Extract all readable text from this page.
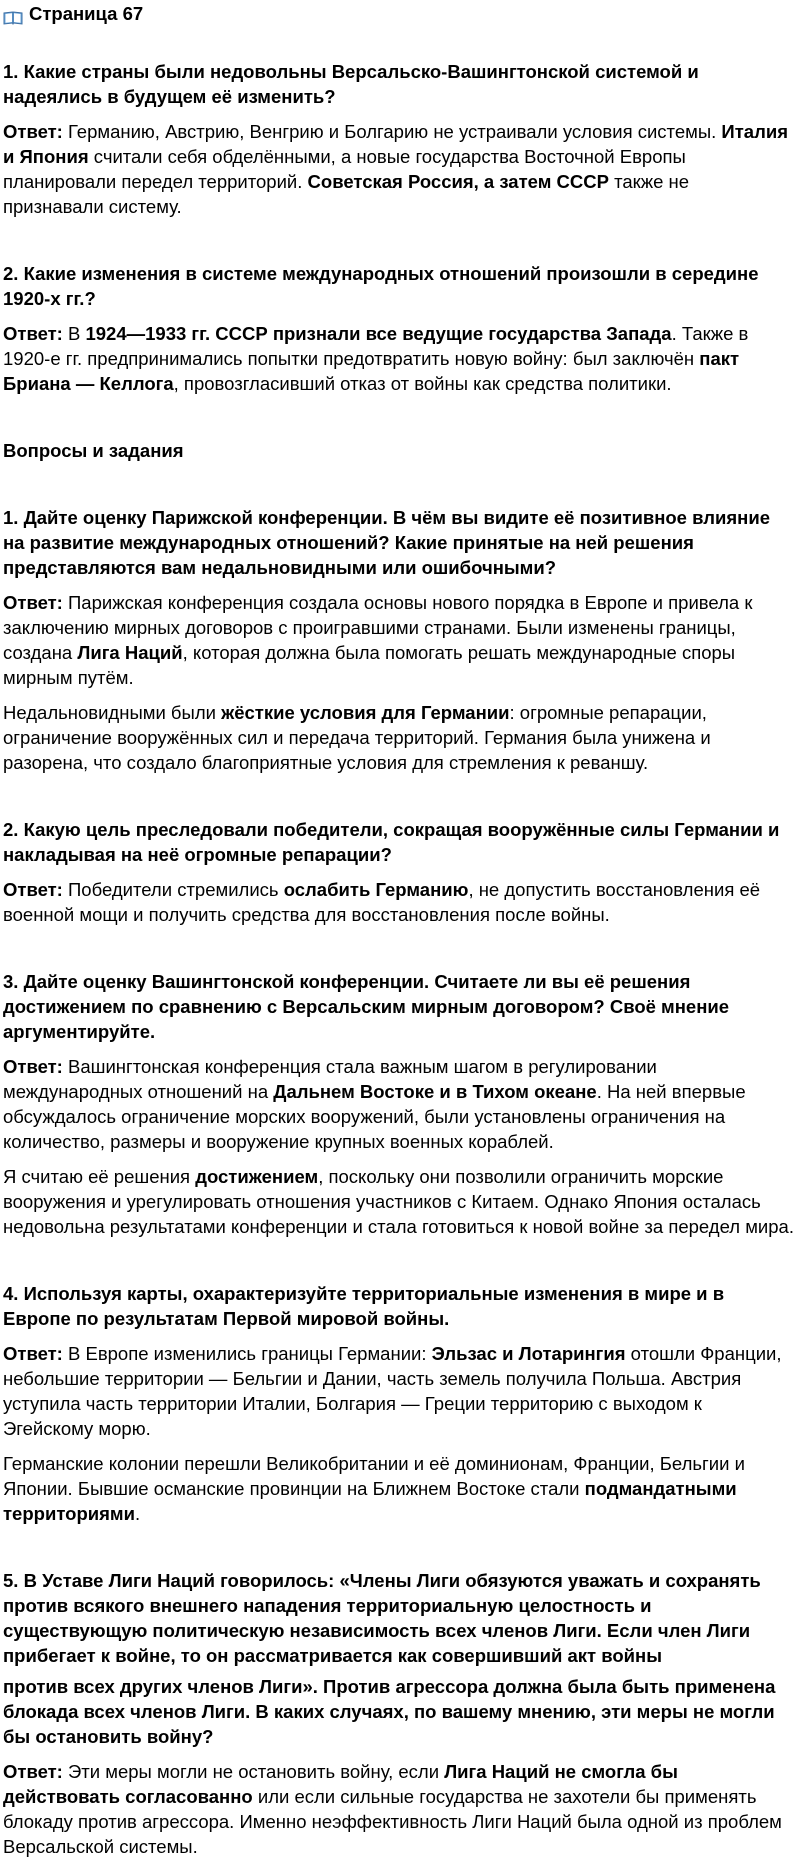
Страница 67
1. Какие страны были недовольны Версальско-Вашингтонской системой и надеялись в будущем её изменить?
Ответ: Германию, Австрию, Венгрию и Болгарию не устраивали условия системы. Италия и Япония считали себя обделёнными, а новые государства Восточной Европы планировали передел территорий. Советская Россия, а затем СССР также не признавали систему.
2. Какие изменения в системе международных отношений произошли в середине 1920-х гг.?
Ответ: В 1924—1933 гг. СССР признали все ведущие государства Запада. Также в 1920-е гг. предпринимались попытки предотвратить новую войну: был заключён пакт Бриана — Келлога, провозгласивший отказ от войны как средства политики.
Вопросы и задания
1. Дайте оценку Парижской конференции. В чём вы видите её позитивное влияние на развитие международных отношений? Какие принятые на ней решения представляются вам недальновидными или ошибочными?
Ответ: Парижская конференция создала основы нового порядка в Европе и привела к заключению мирных договоров с проигравшими странами. Были изменены границы, создана Лига Наций, которая должна была помогать решать международные споры мирным путём.
Недальновидными были жёсткие условия для Германии: огромные репарации, ограничение вооружённых сил и передача территорий. Германия была унижена и разорена, что создало благоприятные условия для стремления к реваншу.
2. Какую цель преследовали победители, сокращая вооружённые силы Германии и накладывая на неё огромные репарации?
Ответ: Победители стремились ослабить Германию, не допустить восстановления её военной мощи и получить средства для восстановления после войны.
3. Дайте оценку Вашингтонской конференции. Считаете ли вы её решения достижением по сравнению с Версальским мирным договором? Своё мнение аргументируйте.
Ответ: Вашингтонская конференция стала важным шагом в регулировании международных отношений на Дальнем Востоке и в Тихом океане. На ней впервые обсуждалось ограничение морских вооружений, были установлены ограничения на количество, размеры и вооружение крупных военных кораблей.
Я считаю её решения достижением, поскольку они позволили ограничить морские вооружения и урегулировать отношения участников с Китаем. Однако Япония осталась недовольна результатами конференции и стала готовиться к новой войне за передел мира.
4. Используя карты, охарактеризуйте территориальные изменения в мире и в Европе по результатам Первой мировой войны.
Ответ: В Европе изменились границы Германии: Эльзас и Лотарингия отошли Франции, небольшие территории — Бельгии и Дании, часть земель получила Польша. Австрия уступила часть территории Италии, Болгария — Греции территорию с выходом к Эгейскому морю.
Германские колонии перешли Великобритании и её доминионам, Франции, Бельгии и Японии. Бывшие османские провинции на Ближнем Востоке стали подмандатными территориями.
5. В Уставе Лиги Наций говорилось: «Члены Лиги обязуются уважать и сохранять против всякого внешнего нападения территориальную целостность и существующую политическую независимость всех членов Лиги. Если член Лиги прибегает к войне, то он рассматривается как совершивший акт войны
против всех других членов Лиги». Против агрессора должна была быть применена блокада всех членов Лиги. В каких случаях, по вашему мнению, эти меры не могли бы остановить войну?
Ответ: Эти меры могли не остановить войну, если Лига Наций не смогла бы действовать согласованно или если сильные государства не захотели бы применять блокаду против агрессора. Именно неэффективность Лиги Наций была одной из проблем Версальской системы.
